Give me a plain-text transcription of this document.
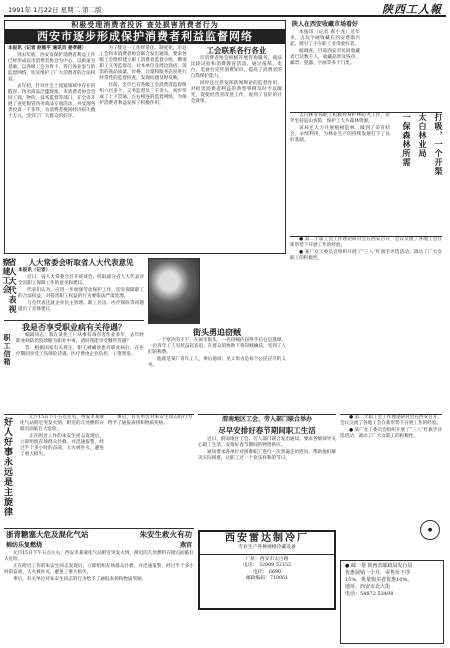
1991年 1月22日 星期二 第二版	陕西工人報
积极受理消费者投诉 查处损害消费者行为
西安市逐步形成保护消费者利益监督网络

本报讯（记者 赵维平 通讯员 姜孝健）

到去年底，西安市保护消费者利益工作已经形成以市消费者协会为中心，以街道为基础，以各级工会为骨干，各行各业参与的监督网络，切实维护了广大消费者的合法权益。

去年初，针对社会上流通领域中存在的假冒、伪劣商品泛滥现象，市消费者协会会同工商、物价、技术监督等部门，在全市开展了查处假冒伪劣商品专项活动，共受理各类投诉一千多件，为消费者挽回经济损失数十万元，受到了广大群众的好评。

为了使这一工作经常化、制度化，市总工会和市消费者协会联合发出通知，要求各级工会组织建立职工消费者监督小组，聘请职工义务监督员，对本单位及周边商店、饭馆的商品质量、价格、计量和服务态度进行经常性的监督检查，发现问题及时反映。

目前，全市已有各级工会消费者监督组织六百多个，义务监督员三千余人，初步形成了上下贯通、左右相连的监督网络，为保护消费者利益发挥了积极作用。

工会联系各行各业

市消费者协会积极开展咨询服务、商品比较试验和消费教育活动，通过报纸、电台、电视台宣传消费知识，提高了消费者的自我保护能力。

同时还注意发挥新闻舆论的监督作用，对损害消费者利益的典型事例及时予以曝光，促使经营者改进工作，收到了良好的社会效果。

省人大代表视察建工会	人大常委会听取省人大代表意见

本报讯（记者）

近日，省人大常委会召开座谈会，听取部分省人大代表对全省职工保障工作的意见和建议。

代表们认为，应进一步加强劳动保护工作，切实保障职工的合法权益，对侵害职工权益的行为要依法严肃处理。

与会代表还就企业民主管理、职工住房、医疗保险等问题提出了具体建议。

我是否享受职业病有关待遇？
职工信箱	编辑同志：我在某化工厂从事有毒有害作业多年，去年经职业病防治院诊断为职业中毒，请问我能享受哪些待遇？

答：根据国家有关规定，职工被确诊患有职业病后，在医疗期间享受工伤保险待遇，医疗费由企业负担，工资照发。

街头勇追窃贼

一个寒冷的下午，在闹市街头，一名窃贼扒窃得手后仓皇逃窜，一位青年工人见状奋起直追，在群众的协助下将窃贼擒获，受到了人们的称赞。

他就是某厂青年工人，事后他说：见义勇为是每个公民应尽的义务。

好人好事永远是主旋律	元月15日下午五点左右，西安市某液化气站附近突发火情，附近的几处燃料存储点面临巨大危险。

正在附近工作的朱安生同志发现后，立即组织在场群众扑救，并迅速报警，经过半个多小时的奋战，大火被扑灭，避免了重大损失。

事后，有关单位对朱安生同志的行为给予了通报表扬和物质奖励。

浙青糖塞大危及混化气站	朱安生救火有功
棉纺乐复燃烧	燕宫

元月15日下午五点左右，西安市某液化气站附近突发火情，附近的几处燃料存储点面临巨大危险。

正在附近工作的朱安生同志发现后，立即组织在场群众扑救，并迅速报警，经过半个多小时的奋战，大火被扑灭，避免了重大损失。

事后，有关单位对朱安生同志的行为给予了通报表扬和物质奖励。

渭南地区工会、劳人部门联合举办
尽早安排好春节期间职工生活

近日，渭南地区工会、劳人部门联合发出通知，要求各级领导关心职工生活，安排好春节期间的物资供应。

通知要求各单位对困难职工进行一次普遍走访慰问，帮助他们解决实际困难，让职工过一个欢乐祥和的节日。

西安雷达制冷厂
专业生产各种规格冷藏设备
厂址：西安市太白路
电话： 32009 53153
电挂： 6690
邮政编码：710061
陕人在西安收藏市场看好

本报讯（记者 郝小龙）近年来，古玩字画收藏在西安逐渐兴起，吸引了不少职工业余爱好者。

据调查，目前西安市民间收藏者已达数千人，收藏品涉及钱币、邮票、瓷器、字画等多个门类。

打吸，一个开渠
太白林业局
一保森林所需

太白林业局职工积极投身护林防火工作，常年坚持巡山查险，保护了大片森林资源。

该局还大力开展植树造林，做到了采育结合，永续利用，为林业生产的持续发展打下了良好基础。

● 第二十届工会工作理论研讨会在西安召开，会议交流了各地工会在新形势下开展工作的经验。

● 某厂女工委员会组织开展了“三八”红旗手评选活动，调动了广大女职工的积极性。

● 第二十届工会工作理论研讨会在西安召开，会议交流了各地工会在新形势下开展工作的经验。

● 某厂女工委员会组织开展了“三八”红旗手评选活动，调动了广大女职工的积极性。

●
● 邮一帮 陕西省邮政局发行局
优惠展销一个月，零售价下浮
15%，批量购买者优惠10%。
地址：西安市北大街
电话：54872 53498
